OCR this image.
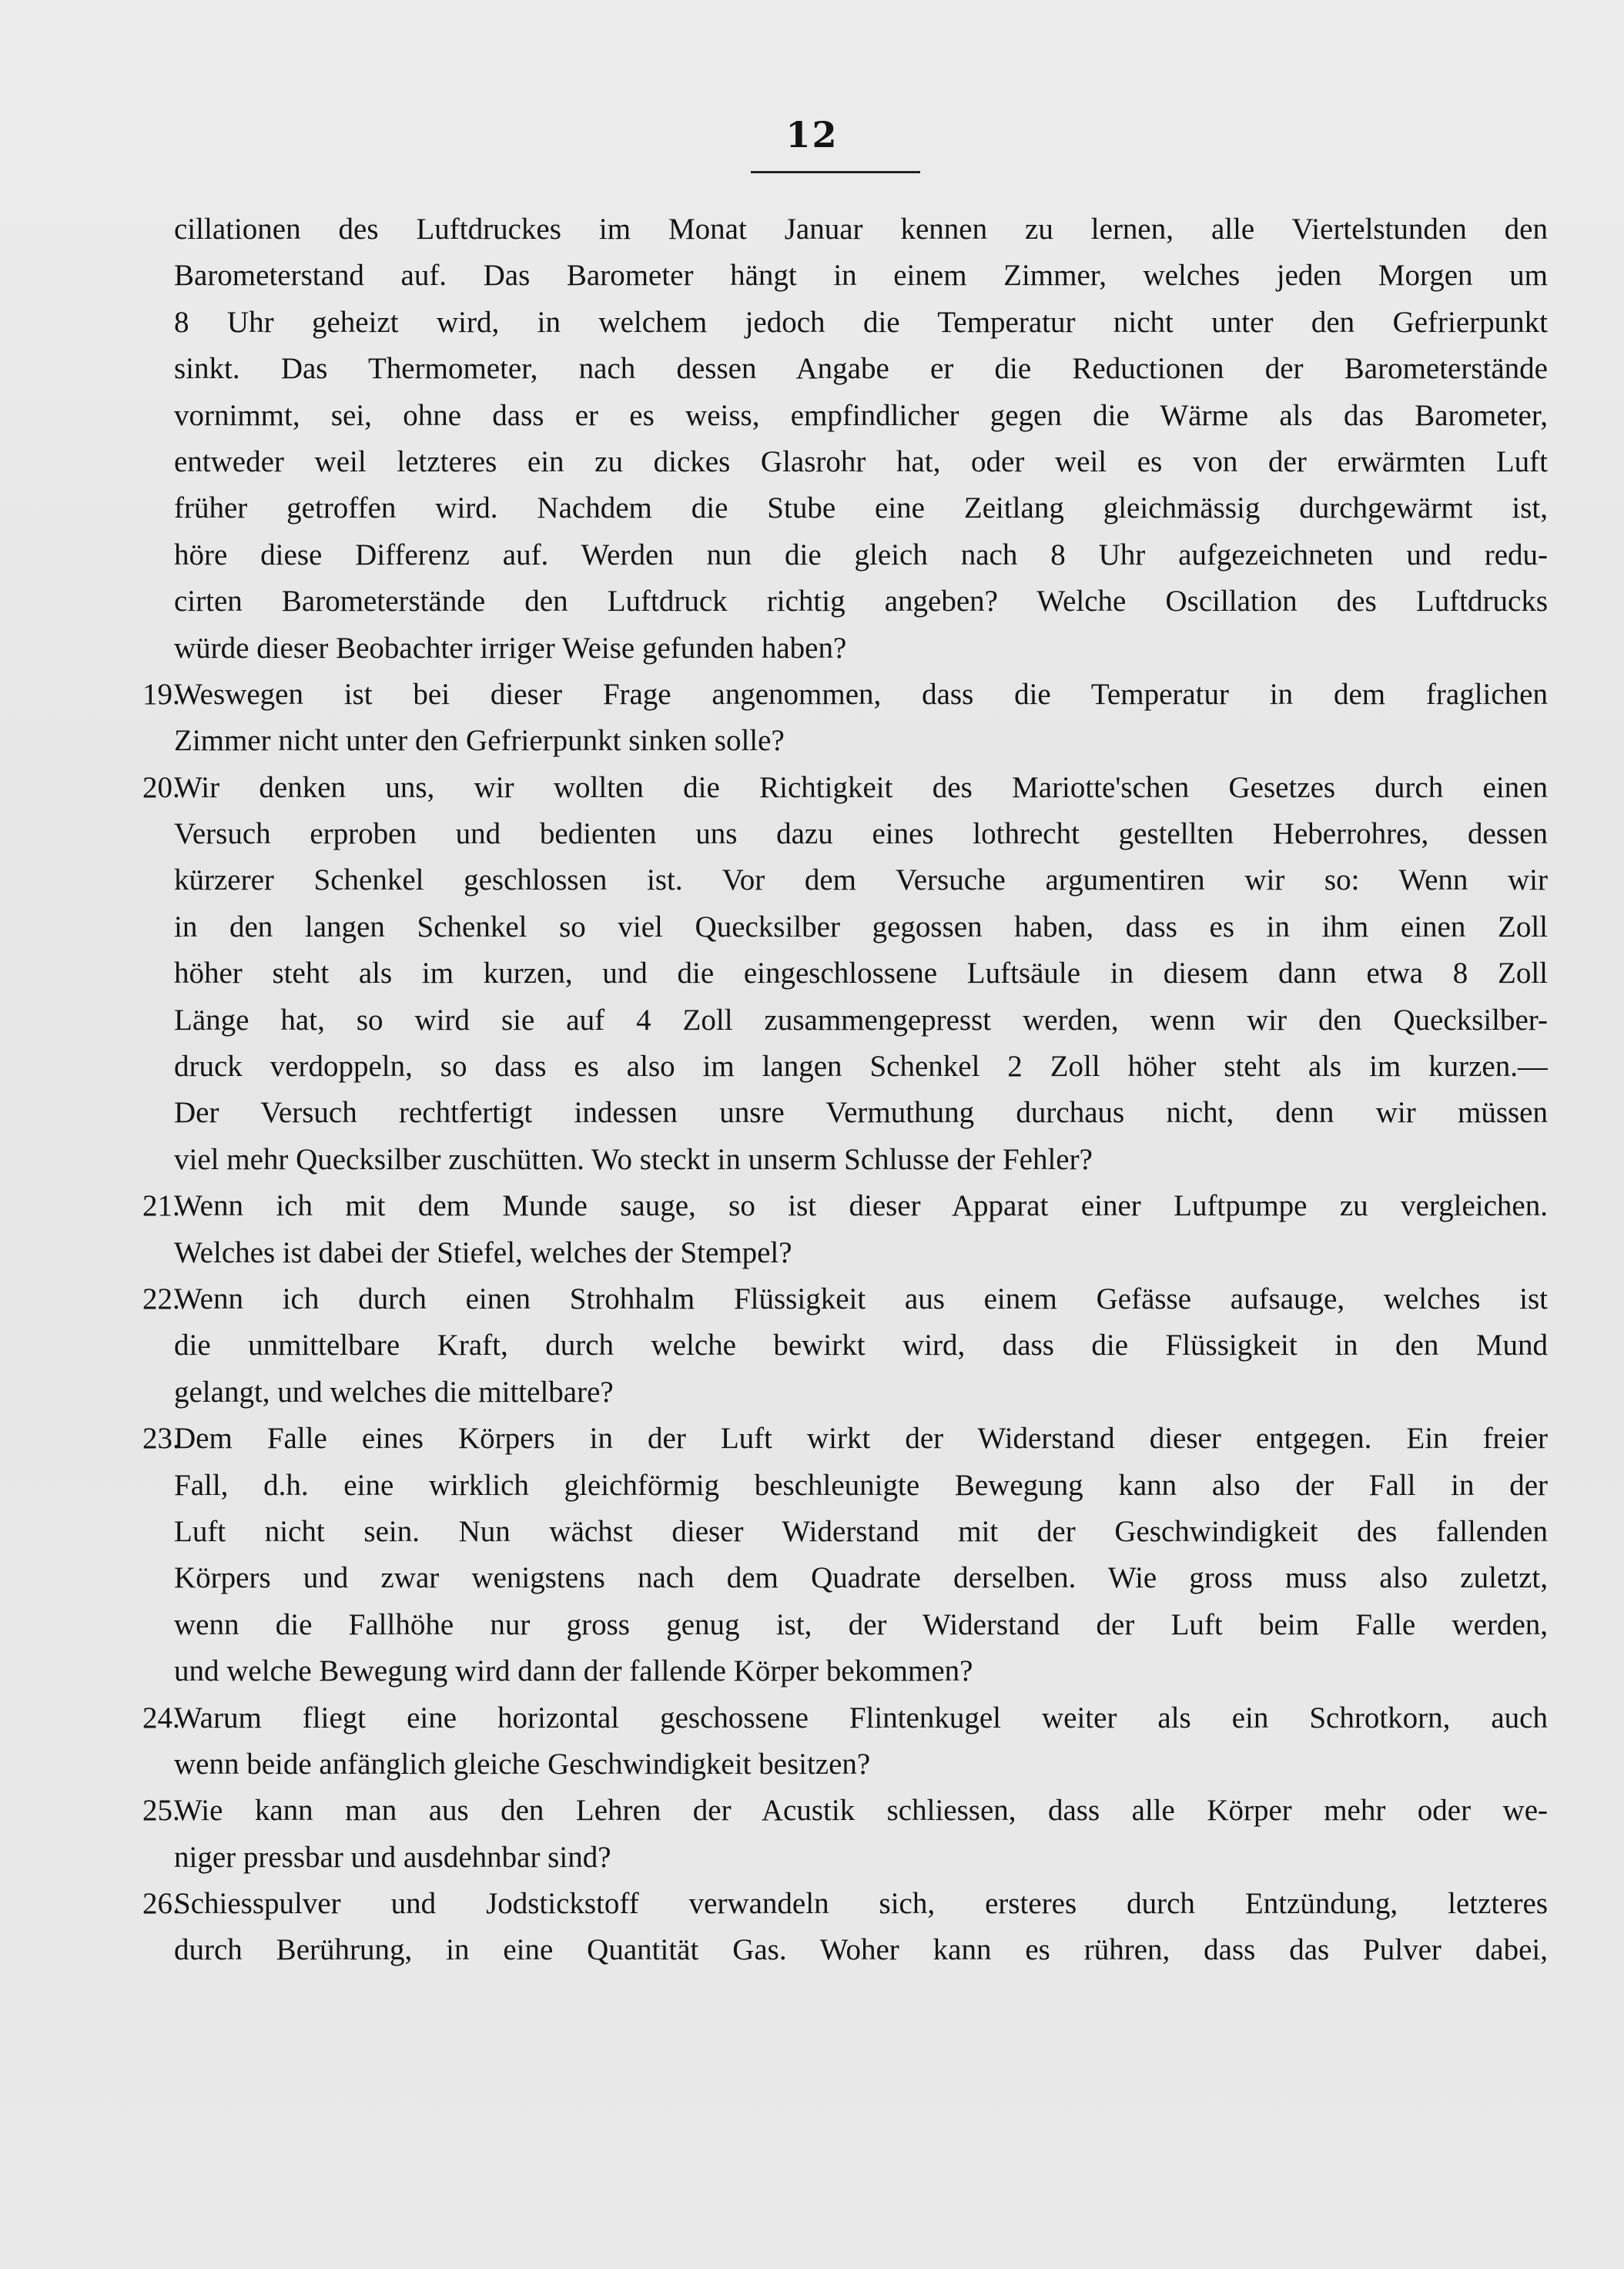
12
cillationen des Luftdruckes im Monat Januar kennen zu lernen, alle Viertelstunden den
Barometerstand auf. Das Barometer hängt in einem Zimmer, welches jeden Morgen um
8 Uhr geheizt wird, in welchem jedoch die Temperatur nicht unter den Gefrierpunkt
sinkt. Das Thermometer, nach dessen Angabe er die Reductionen der Barometerstände
vornimmt, sei, ohne dass er es weiss, empfindlicher gegen die Wärme als das Barometer,
entweder weil letzteres ein zu dickes Glasrohr hat, oder weil es von der erwärmten Luft
früher getroffen wird. Nachdem die Stube eine Zeitlang gleichmässig durchgewärmt ist,
höre diese Differenz auf. Werden nun die gleich nach 8 Uhr aufgezeichneten und redu-
cirten Barometerstände den Luftdruck richtig angeben? Welche Oscillation des Luftdrucks
würde dieser Beobachter irriger Weise gefunden haben?
19.Weswegen ist bei dieser Frage angenommen, dass die Temperatur in dem fraglichen
Zimmer nicht unter den Gefrierpunkt sinken solle?
20.Wir denken uns, wir wollten die Richtigkeit des Mariotte'schen Gesetzes durch einen
Versuch erproben und bedienten uns dazu eines lothrecht gestellten Heberrohres, dessen
kürzerer Schenkel geschlossen ist. Vor dem Versuche argumentiren wir so: Wenn wir
in den langen Schenkel so viel Quecksilber gegossen haben, dass es in ihm einen Zoll
höher steht als im kurzen, und die eingeschlossene Luftsäule in diesem dann etwa 8 Zoll
Länge hat, so wird sie auf 4 Zoll zusammengepresst werden, wenn wir den Quecksilber-
druck verdoppeln, so dass es also im langen Schenkel 2 Zoll höher steht als im kurzen.—
Der Versuch rechtfertigt indessen unsre Vermuthung durchaus nicht, denn wir müssen
viel mehr Quecksilber zuschütten. Wo steckt in unserm Schlusse der Fehler?
21.Wenn ich mit dem Munde sauge, so ist dieser Apparat einer Luftpumpe zu vergleichen.
Welches ist dabei der Stiefel, welches der Stempel?
22.Wenn ich durch einen Strohhalm Flüssigkeit aus einem Gefässe aufsauge, welches ist
die unmittelbare Kraft, durch welche bewirkt wird, dass die Flüssigkeit in den Mund
gelangt, und welches die mittelbare?
23.Dem Falle eines Körpers in der Luft wirkt der Widerstand dieser entgegen. Ein freier
Fall, d.h. eine wirklich gleichförmig beschleunigte Bewegung kann also der Fall in der
Luft nicht sein. Nun wächst dieser Widerstand mit der Geschwindigkeit des fallenden
Körpers und zwar wenigstens nach dem Quadrate derselben. Wie gross muss also zuletzt,
wenn die Fallhöhe nur gross genug ist, der Widerstand der Luft beim Falle werden,
und welche Bewegung wird dann der fallende Körper bekommen?
24.Warum fliegt eine horizontal geschossene Flintenkugel weiter als ein Schrotkorn, auch
wenn beide anfänglich gleiche Geschwindigkeit besitzen?
25.Wie kann man aus den Lehren der Acustik schliessen, dass alle Körper mehr oder we-
niger pressbar und ausdehnbar sind?
26.Schiesspulver und Jodstickstoff verwandeln sich, ersteres durch Entzündung, letzteres
durch Berührung, in eine Quantität Gas. Woher kann es rühren, dass das Pulver dabei,
